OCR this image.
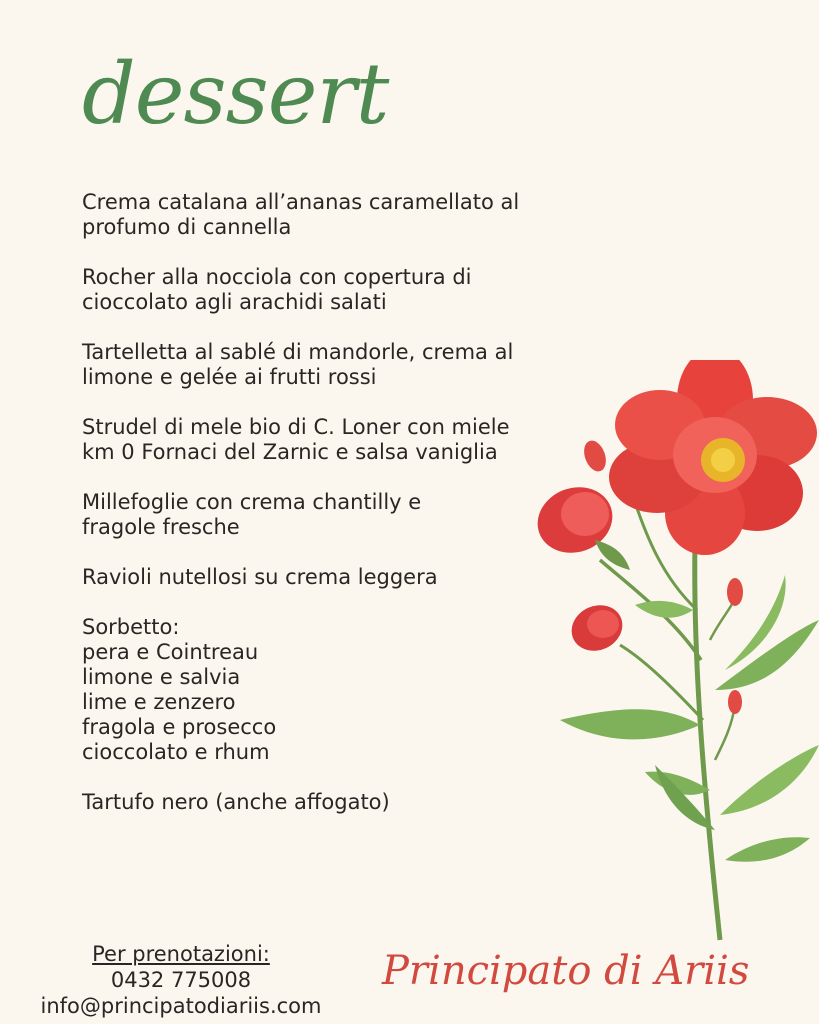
dessert
Crema catalana all’ananas caramellato al
profumo di cannella
Rocher alla nocciola con copertura di
cioccolato agli arachidi salati
Tartelletta al sablé di mandorle, crema al
limone e gelée ai frutti rossi
Strudel di mele bio di C. Loner con miele
km 0 Fornaci del Zarnic e salsa vaniglia
Millefoglie con crema chantilly e
fragole fresche
Ravioli nutellosi su crema leggera
Sorbetto:
pera e Cointreau
limone e salvia
lime e zenzero
fragola e prosecco
cioccolato e rhum
Tartufo nero (anche affogato)
Per prenotazioni:
0432 775008
info@principatodiariis.com
Principato di Ariis
